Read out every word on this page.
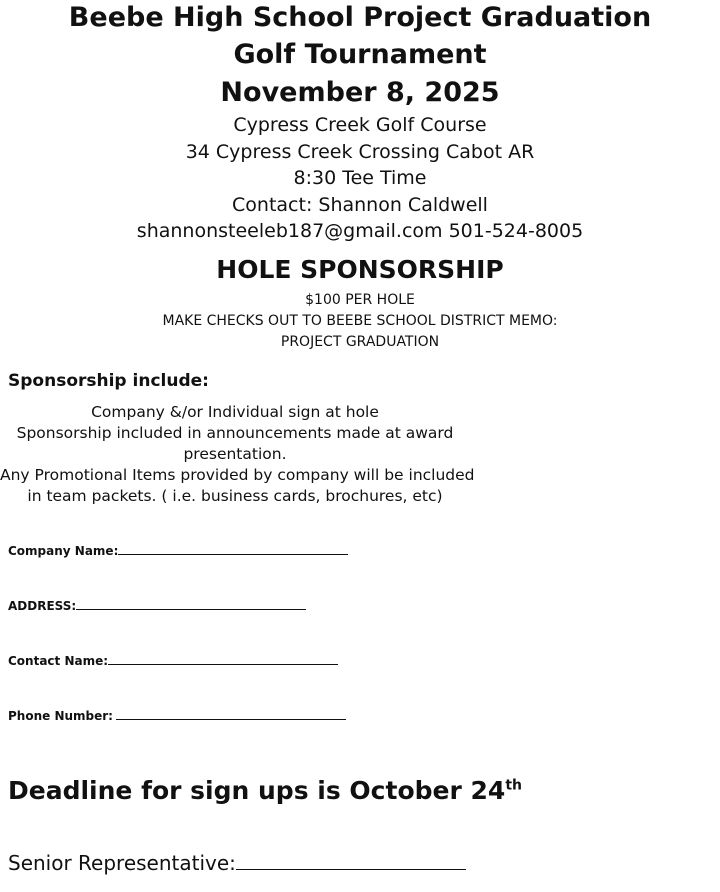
Beebe High School Project Graduation
Golf Tournament
November 8, 2025
Cypress Creek Golf Course
34 Cypress Creek Crossing Cabot AR
8:30 Tee Time
Contact: Shannon Caldwell
shannonsteeleb187@gmail.com 501-524-8005
HOLE SPONSORSHIP
$100 PER HOLE
MAKE CHECKS OUT TO BEEBE SCHOOL DISTRICT MEMO:
PROJECT GRADUATION
Sponsorship include:
Company &/or Individual sign at hole
Sponsorship included in announcements made at award
presentation.
Any Promotional Items provided by company will be included
in team packets. ( i.e. business cards, brochures, etc)
Company Name:
ADDRESS:
Contact Name:
Phone Number:
Deadline for sign ups is October 24th
Senior Representative:
